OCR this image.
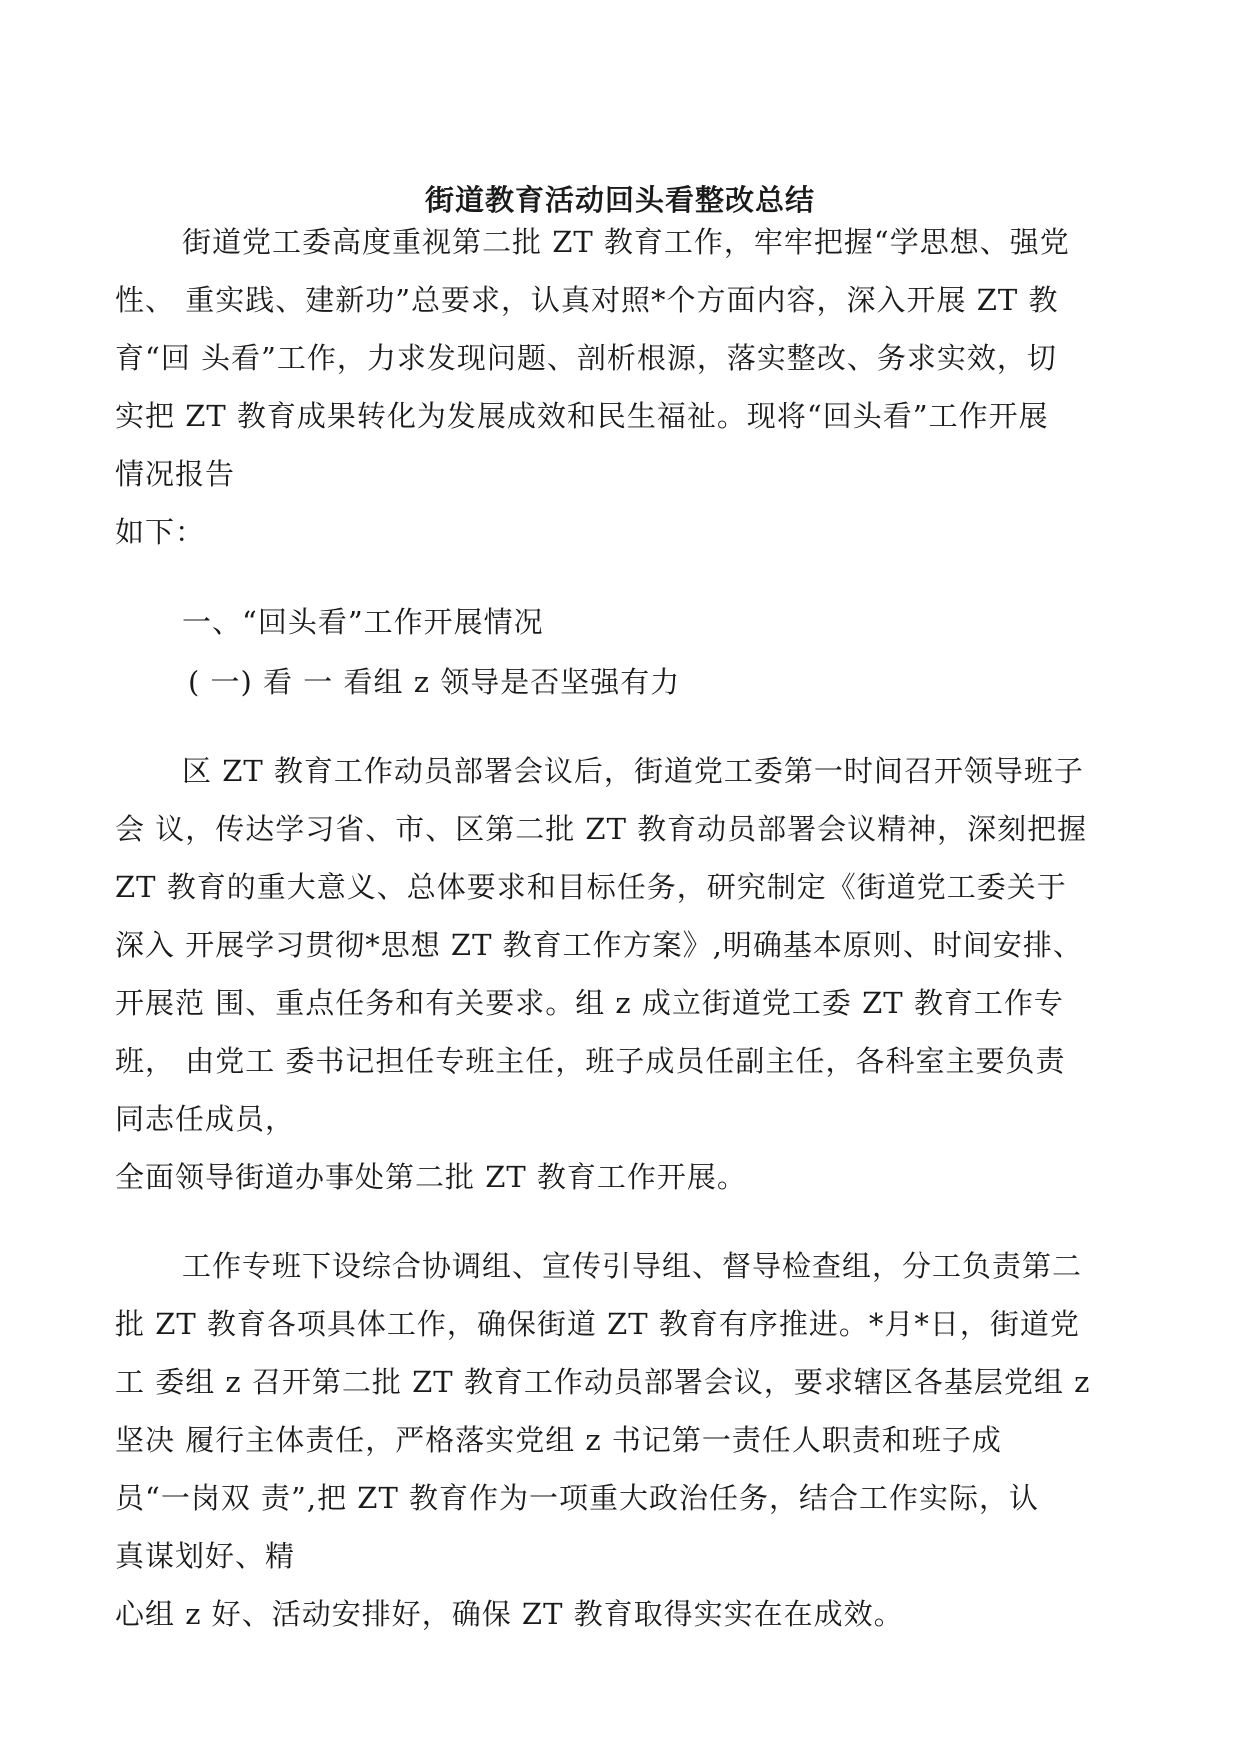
街道教育活动回头看整改总结
街道党工委高度重视第二批 ZT 教育工作，牢牢把握“学思想、强党
性、 重实践、建新功”总要求，认真对照*个方面内容，深入开展 ZT 教
育“回 头看”工作，力求发现问题、剖析根源，落实整改、务求实效，切
实把 ZT 教育成果转化为发展成效和民生福祉。现将“回头看”工作开展
情况报告
如下：
一、“回头看”工作开展情况
( 一) 看 一 看组 z 领导是否坚强有力
区 ZT 教育工作动员部署会议后，街道党工委第一时间召开领导班子
会 议，传达学习省、市、区第二批 ZT 教育动员部署会议精神，深刻把握
ZT 教育的重大意义、总体要求和目标任务，研究制定《街道党工委关于
深入 开展学习贯彻*思想 ZT 教育工作方案》,明确基本原则、时间安排、
开展范 围、重点任务和有关要求。组 z 成立街道党工委 ZT 教育工作专
班， 由党工 委书记担任专班主任，班子成员任副主任，各科室主要负责
同志任成员，
全面领导街道办事处第二批 ZT 教育工作开展。
工作专班下设综合协调组、宣传引导组、督导检查组，分工负责第二
批 ZT 教育各项具体工作，确保街道 ZT 教育有序推进。*月*日，街道党
工 委组 z 召开第二批 ZT 教育工作动员部署会议，要求辖区各基层党组 z
坚决 履行主体责任，严格落实党组 z 书记第一责任人职责和班子成
员“一岗双 责”,把 ZT 教育作为一项重大政治任务，结合工作实际，认
真谋划好、精
心组 z 好、活动安排好，确保 ZT 教育取得实实在在成效。
